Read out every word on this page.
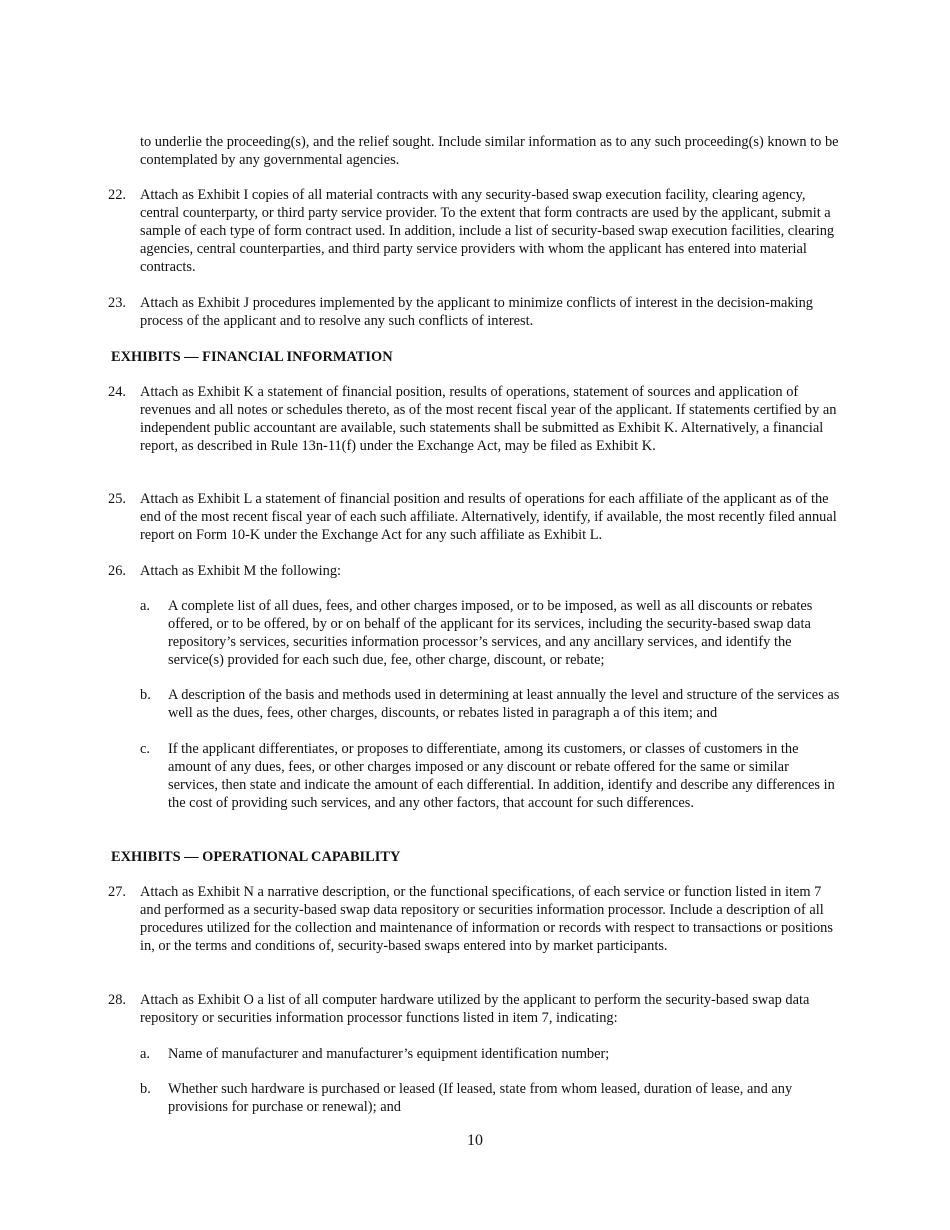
to underlie the proceeding(s), and the relief sought. Include similar information as to any such proceeding(s) known to be contemplated by any governmental agencies.

22. Attach as Exhibit I copies of all material contracts with any security-based swap execution facility, clearing agency, central counterparty, or third party service provider. To the extent that form contracts are used by the applicant, submit a sample of each type of form contract used. In addition, include a list of security-based swap execution facilities, clearing agencies, central counterparties, and third party service providers with whom the applicant has entered into material contracts.

23. Attach as Exhibit J procedures implemented by the applicant to minimize conflicts of interest in the decision-making process of the applicant and to resolve any such conflicts of interest.

EXHIBITS — FINANCIAL INFORMATION
24. Attach as Exhibit K a statement of financial position, results of operations, statement of sources and application of revenues and all notes or schedules thereto, as of the most recent fiscal year of the applicant. If statements certified by an independent public accountant are available, such statements shall be submitted as Exhibit K. Alternatively, a financial report, as described in Rule 13n-11(f) under the Exchange Act, may be filed as Exhibit K.

25. Attach as Exhibit L a statement of financial position and results of operations for each affiliate of the applicant as of the end of the most recent fiscal year of each such affiliate. Alternatively, identify, if available, the most recently filed annual report on Form 10-K under the Exchange Act for any such affiliate as Exhibit L.

26. Attach as Exhibit M the following:

a.	A complete list of all dues, fees, and other charges imposed, or to be imposed, as well as all discounts or rebates offered, or to be offered, by or on behalf of the applicant for its services, including the security-based swap data repository’s services, securities information processor’s services, and any ancillary services, and identify the service(s) provided for each such due, fee, other charge, discount, or rebate;

b.	A description of the basis and methods used in determining at least annually the level and structure of the services as well as the dues, fees, other charges, discounts, or rebates listed in paragraph a of this item; and

c.	If the applicant differentiates, or proposes to differentiate, among its customers, or classes of customers in the amount of any dues, fees, or other charges imposed or any discount or rebate offered for the same or similar services, then state and indicate the amount of each differential. In addition, identify and describe any differences in the cost of providing such services, and any other factors, that account for such differences.

EXHIBITS — OPERATIONAL CAPABILITY
27. Attach as Exhibit N a narrative description, or the functional specifications, of each service or function listed in item 7 and performed as a security-based swap data repository or securities information processor. Include a description of all procedures utilized for the collection and maintenance of information or records with respect to transactions or positions in, or the terms and conditions of, security-based swaps entered into by market participants.

28. Attach as Exhibit O a list of all computer hardware utilized by the applicant to perform the security-based swap data repository or securities information processor functions listed in item 7, indicating:

a.	Name of manufacturer and manufacturer’s equipment identification number;

b.	Whether such hardware is purchased or leased (If leased, state from whom leased, duration of lease, and any provisions for purchase or renewal); and

10
